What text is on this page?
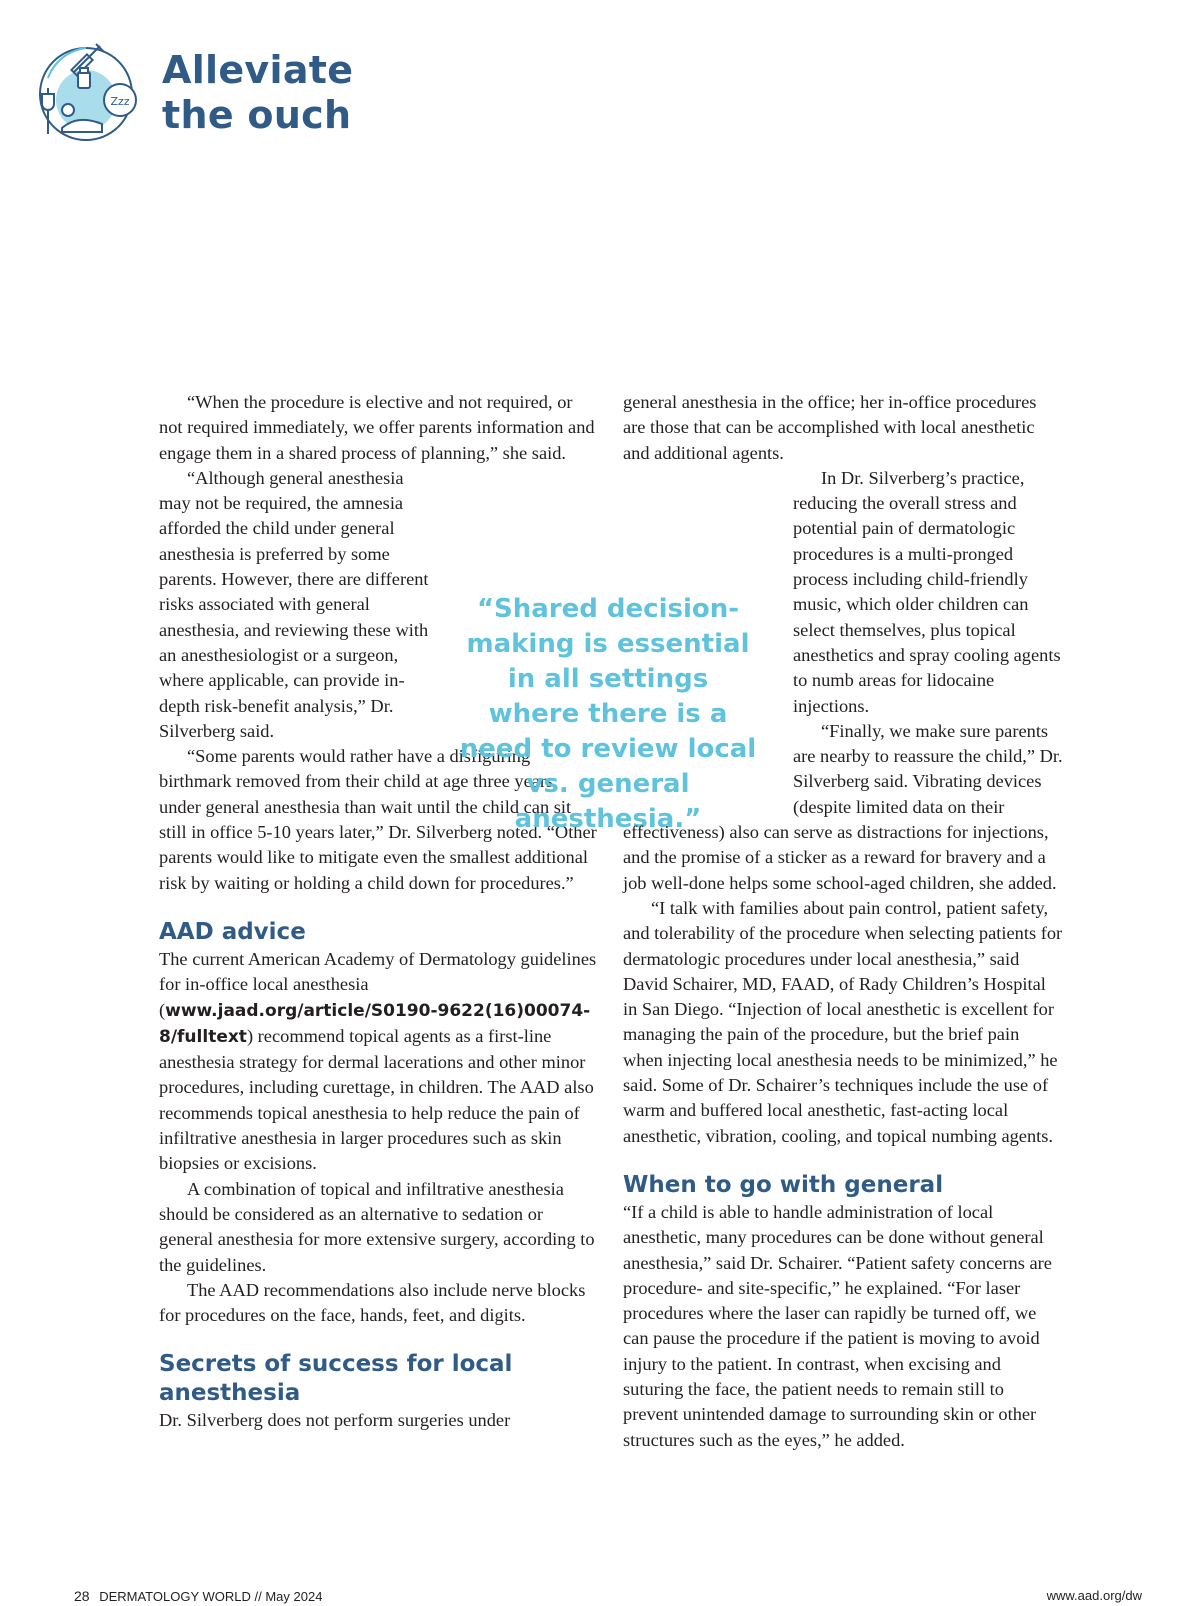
Zzz
Alleviate
the ouch

“When the procedure is elective and not required, or not required immediately, we offer parents information and engage them in a shared process of planning,” she said.

“Although general anesthesia may not be required, the amnesia afforded the child under general anesthesia is preferred by some parents. However, there are different risks associated with general anesthesia, and reviewing these with an anesthesiologist or a surgeon, where applicable, can provide in-depth risk-benefit analysis,” Dr. Silverberg said.

“Some parents would rather have a disfiguring birthmark removed from their child at age three years under general anesthesia than wait until the child can sit still in office 5-10 years later,” Dr. Silverberg noted. “Other parents would like to mitigate even the smallest additional risk by waiting or holding a child down for procedures.”

AAD advice

The current American Academy of Dermatology guidelines for in-office local anesthesia (www.jaad.org/article/S0190-9622(16)00074-8/fulltext) recommend topical agents as a first-line anesthesia strategy for dermal lacerations and other minor procedures, including curettage, in children. The AAD also recommends topical anesthesia to help reduce the pain of infiltrative anesthesia in larger procedures such as skin biopsies or excisions.

A combination of topical and infiltrative anesthesia should be considered as an alternative to sedation or general anesthesia for more extensive surgery, according to the guidelines.

The AAD recommendations also include nerve blocks for procedures on the face, hands, feet, and digits.

Secrets of success for local anesthesia

Dr. Silverberg does not perform surgeries under

“Shared decision-making is essential in all settings where there is a need to review local vs. general anesthesia.”

general anesthesia in the office; her in-office procedures are those that can be accomplished with local anesthetic and additional agents.

In Dr. Silverberg’s practice, reducing the overall stress and potential pain of dermatologic procedures is a multi-pronged process including child-friendly music, which older children can select themselves, plus topical anesthetics and spray cooling agents to numb areas for lidocaine injections.

“Finally, we make sure parents are nearby to reassure the child,” Dr. Silverberg said. Vibrating devices (despite limited data on their effectiveness) also can serve as distractions for injections, and the promise of a sticker as a reward for bravery and a job well-done helps some school-aged children, she added.

“I talk with families about pain control, patient safety, and tolerability of the procedure when selecting patients for dermatologic procedures under local anesthesia,” said David Schairer, MD, FAAD, of Rady Children’s Hospital in San Diego. “Injection of local anesthetic is excellent for managing the pain of the procedure, but the brief pain when injecting local anesthesia needs to be minimized,” he said. Some of Dr. Schairer’s techniques include the use of warm and buffered local anesthetic, fast-acting local anesthetic, vibration, cooling, and topical numbing agents.

When to go with general

“If a child is able to handle administration of local anesthetic, many procedures can be done without general anesthesia,” said Dr. Schairer. “Patient safety concerns are procedure- and site-specific,” he explained. “For laser procedures where the laser can rapidly be turned off, we can pause the procedure if the patient is moving to avoid injury to the patient. In contrast, when excising and suturing the face, the patient needs to remain still to prevent unintended damage to surrounding skin or other structures such as the eyes,” he added.

28 DERMATOLOGY WORLD // May 2024	www.aad.org/dw
